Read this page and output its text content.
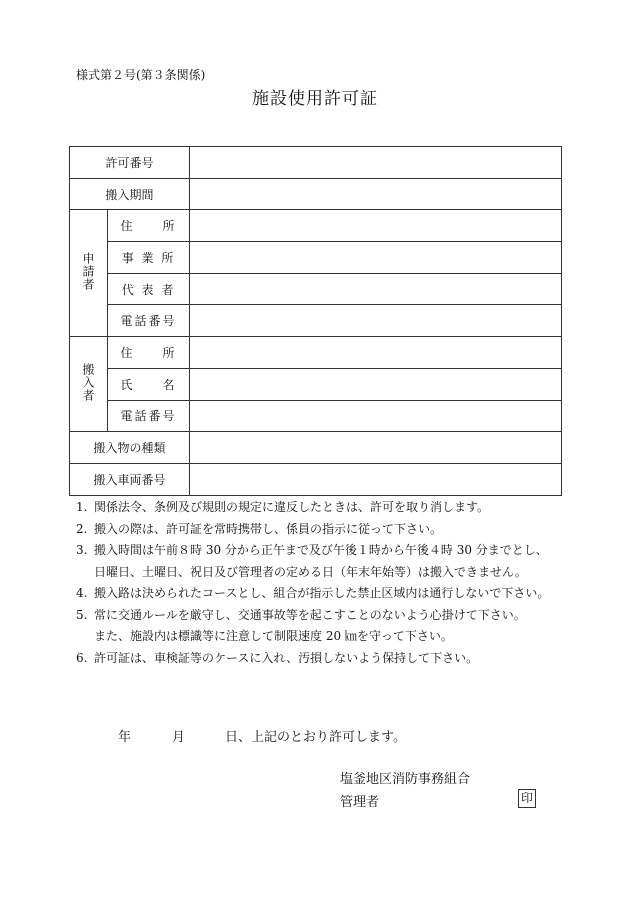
様式第２号(第３条関係)
施設使用許可証
許可番号		
搬入期間		
申請者	住　　所	
	事 業 所	
	代 表 者	
	電話番号	
搬入者	住　　所	
	氏　　名	
	電話番号	
搬入物の種類		
搬入車両番号		
1. 関係法令、条例及び規則の規定に違反したときは、許可を取り消します。
2. 搬入の際は、許可証を常時携帯し、係員の指示に従って下さい。
3. 搬入時間は午前８時 30 分から正午まで及び午後１時から午後４時 30 分までとし、
日曜日、土曜日、祝日及び管理者の定める日（年末年始等）は搬入できません。
4. 搬入路は決められたコースとし、組合が指示した禁止区域内は通行しないで下さい。
5. 常に交通ルールを厳守し、交通事故等を起こすことのないよう心掛けて下さい。
また、施設内は標識等に注意して制限速度 20 ㎞を守って下さい。
6. 許可証は、車検証等のケースに入れ、汚損しないよう保持して下さい。
年	月	日、上記のとおり許可します。
塩釜地区消防事務組合
管理者	印
